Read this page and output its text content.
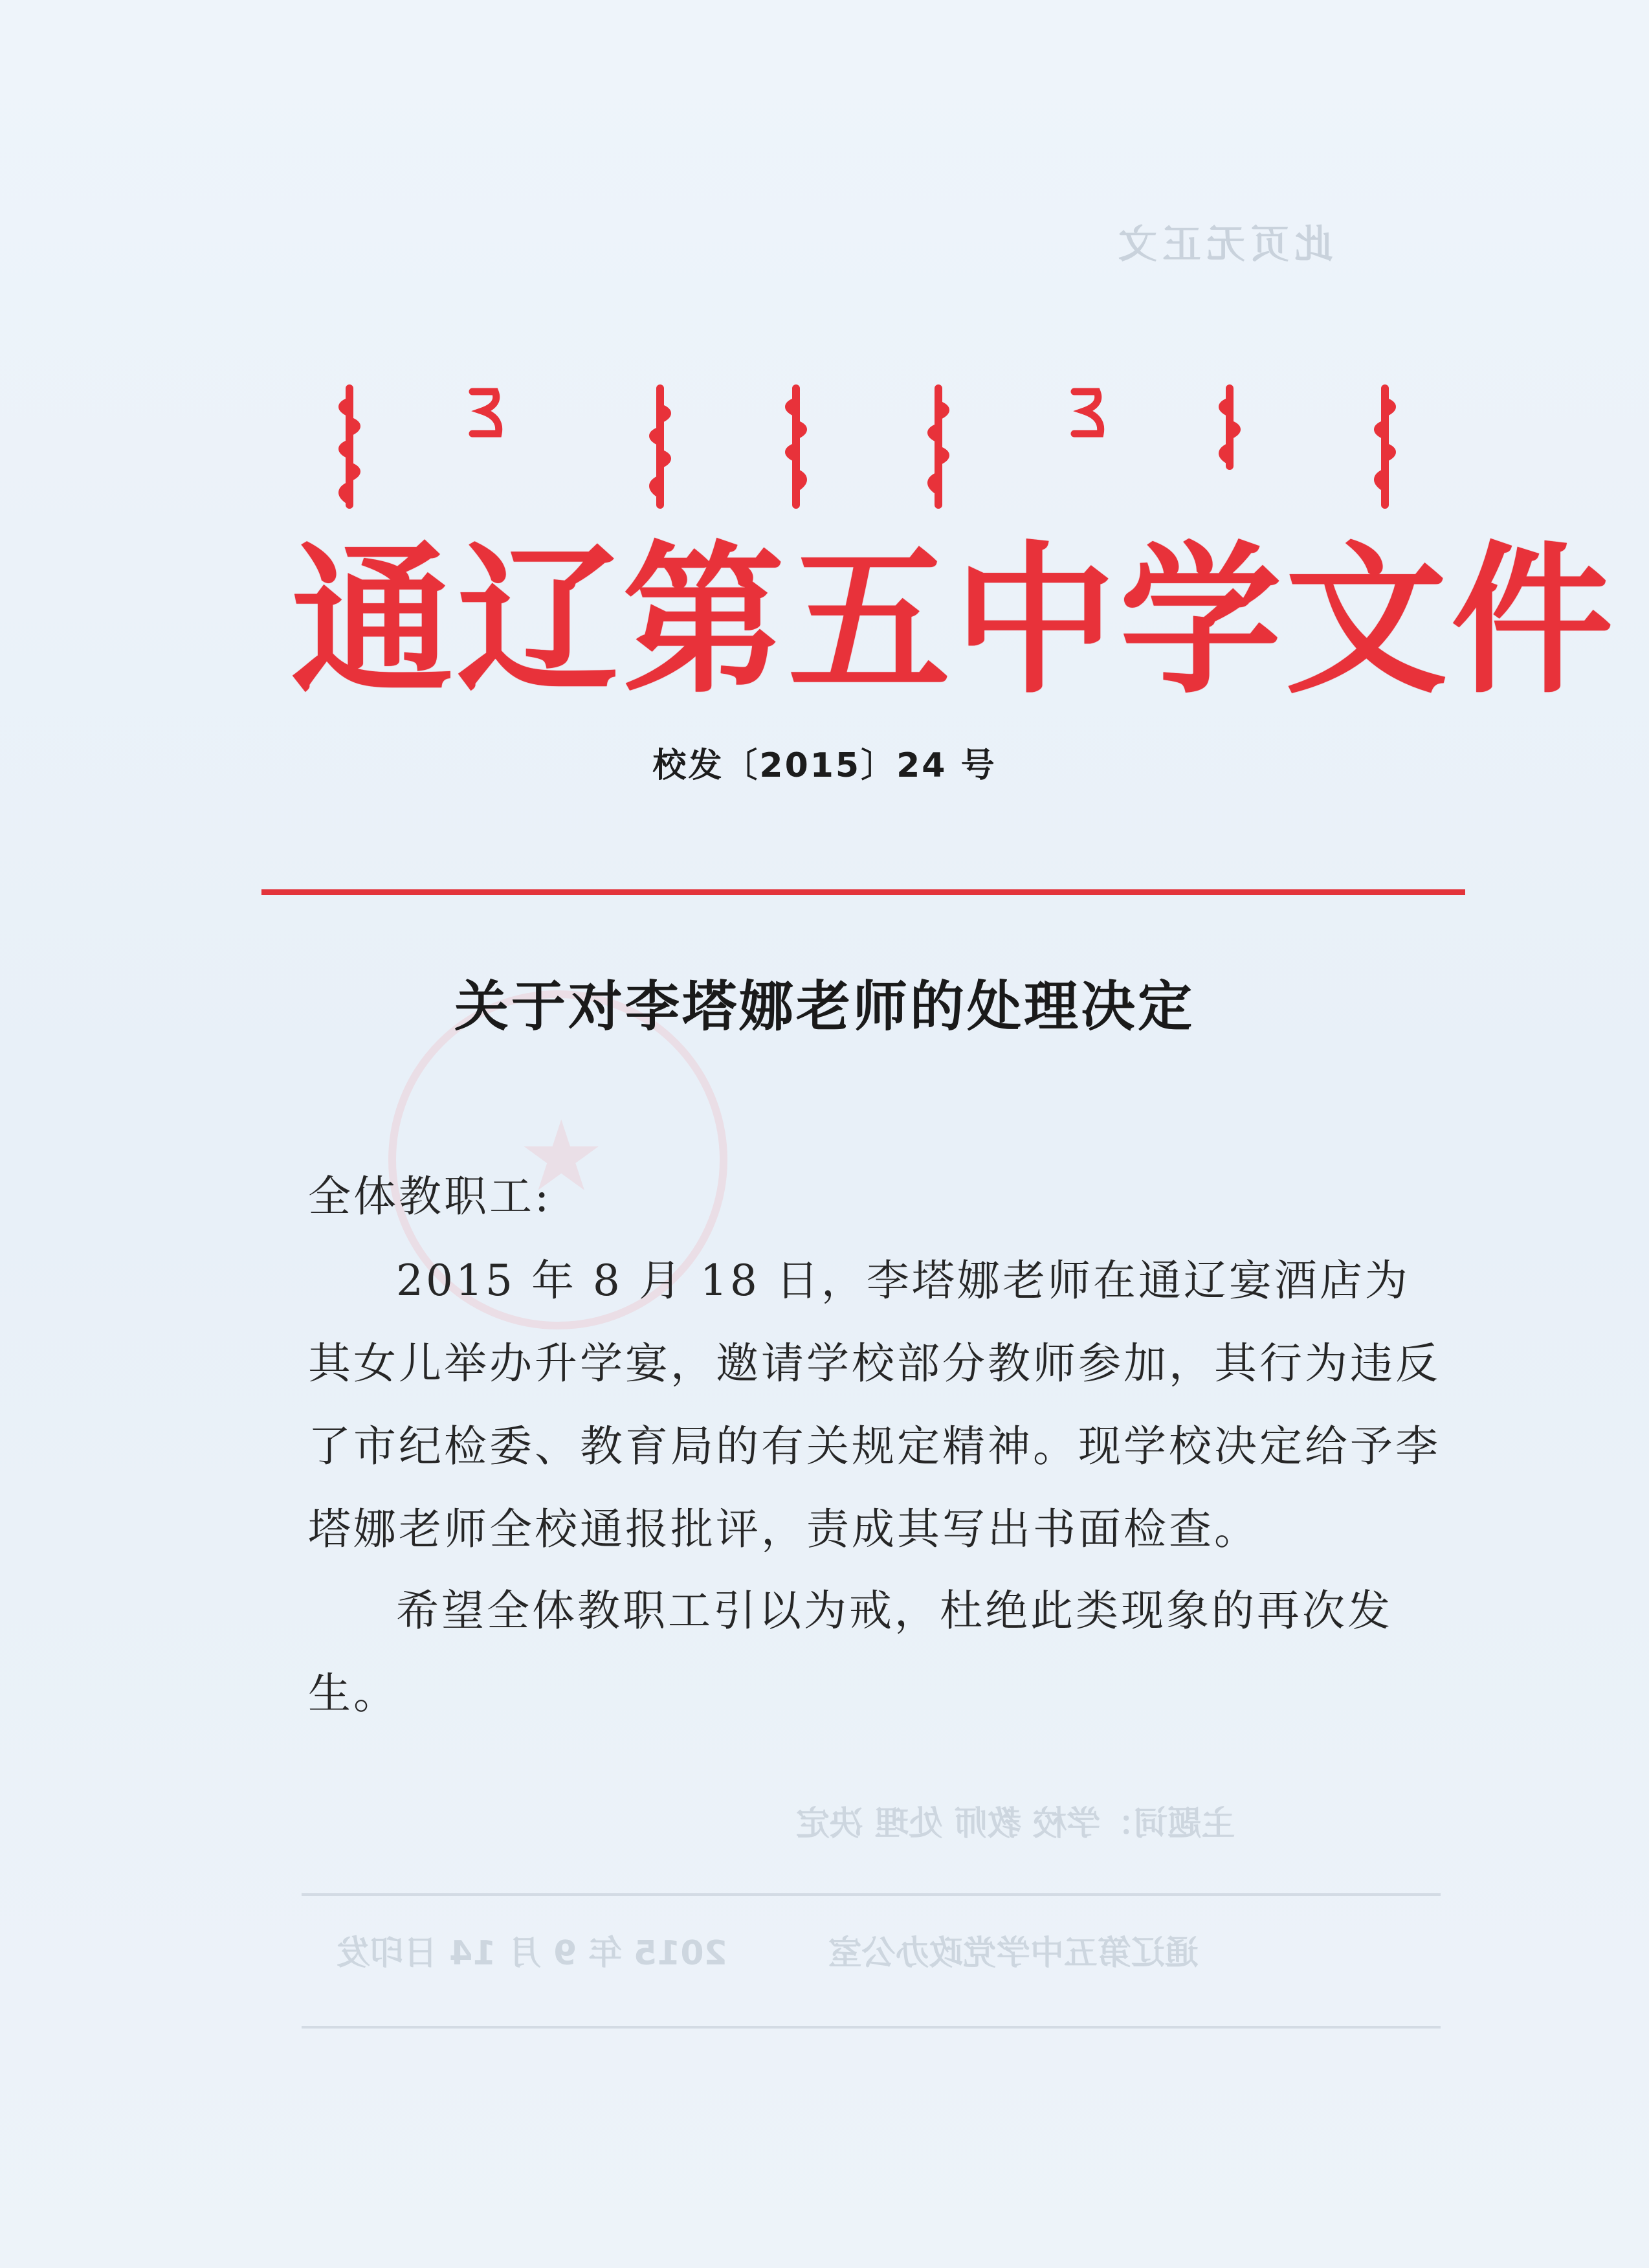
此页无正文
通辽第五中学文件
校发〔2015〕24 号
★
关于对李塔娜老师的处理决定
全体教职工:
2015 年 8 月 18 日，李塔娜老师在通辽宴酒店为其女儿举办升学宴，邀请学校部分教师参加，其行为违反了市纪检委、教育局的有关规定精神。现学校决定给予李塔娜老师全校通报批评，责成其写出书面检查。
希望全体教职工引以为戒，杜绝此类现象的再次发生。
主题词：学校 教师 处理 决定
通辽第五中学党政办公室　　　2015 年 9 月 14 日印发
